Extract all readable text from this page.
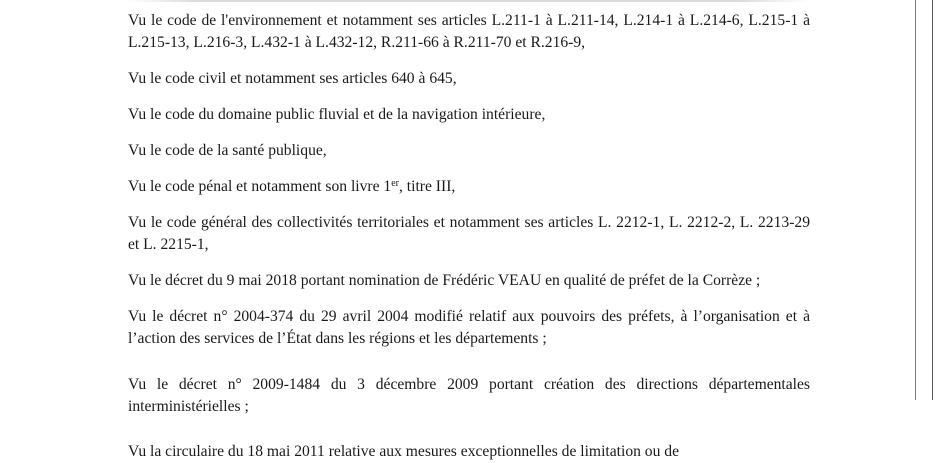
Vu le code de l'environnement et notamment ses articles L.211-1 à L.211-14, L.214-1 à L.214-6, L.215-1 à L.215-13, L.216-3, L.432-1 à L.432-12, R.211-66 à R.211-70 et R.216-9,

Vu le code civil et notamment ses articles 640 à 645,

Vu le code du domaine public fluvial et de la navigation intérieure,

Vu le code de la santé publique,

Vu le code pénal et notamment son livre 1er, titre III,

Vu le code général des collectivités territoriales et notamment ses articles L. 2212-1, L. 2212-2, L. 2213-29 et L. 2215-1,

Vu le décret du 9 mai 2018 portant nomination de Frédéric VEAU en qualité de préfet de la Corrèze ;

Vu le décret n° 2004-374 du 29 avril 2004 modifié relatif aux pouvoirs des préfets, à l’organisation et à l’action des services de l’État dans les régions et les départements ;

Vu le décret n° 2009-1484 du 3 décembre 2009 portant création des directions départementales interministérielles ;

Vu la circulaire du 18 mai 2011 relative aux mesures exceptionnelles de limitation ou de
